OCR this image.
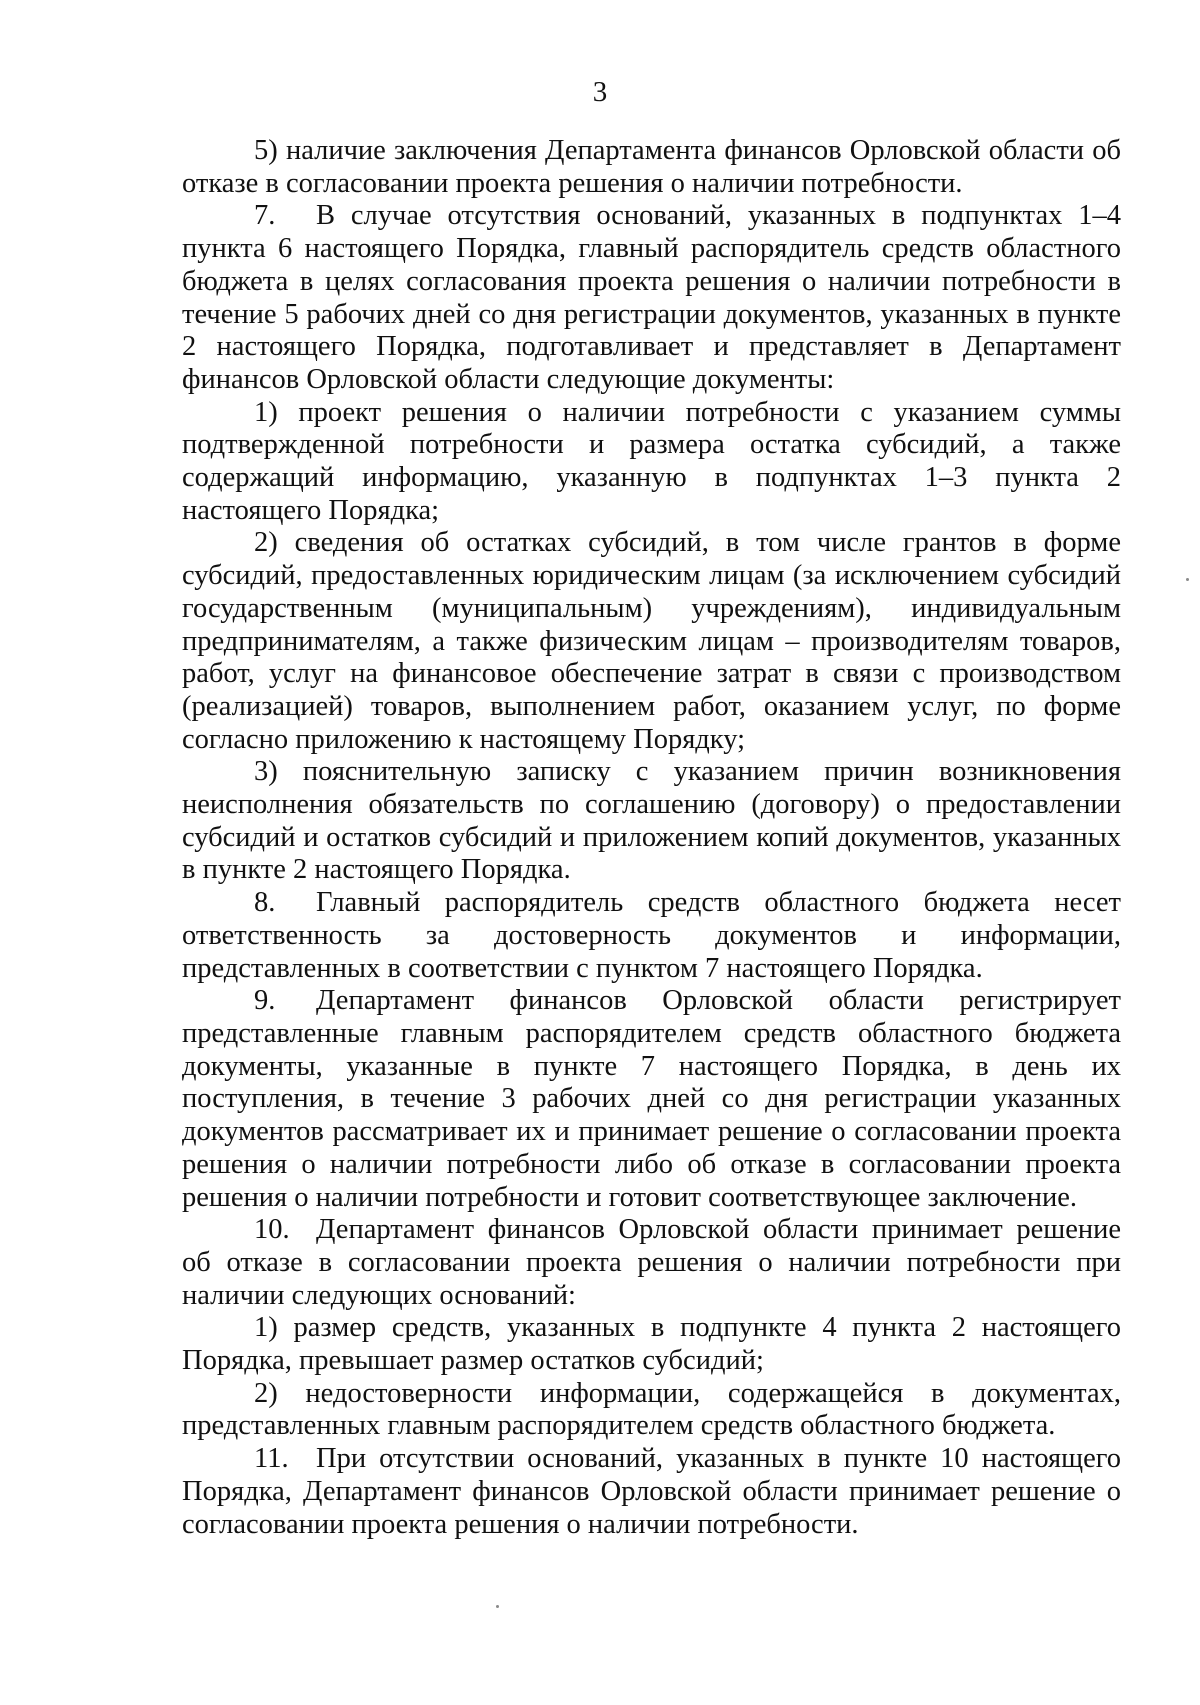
3

5) наличие заключения Департамента финансов Орловской области об отказе в согласовании проекта решения о наличии потребности.

7. В случае отсутствия оснований, указанных в подпунктах 1–4 пункта 6 настоящего Порядка, главный распорядитель средств областного бюджета в целях согласования проекта решения о наличии потребности в течение 5 рабочих дней со дня регистрации документов, указанных в пункте 2 настоящего Порядка, подготавливает и представляет в Департамент финансов Орловской области следующие документы:

1) проект решения о наличии потребности с указанием суммы подтвержденной потребности и размера остатка субсидий, а также содержащий информацию, указанную в подпунктах 1–3 пункта 2 настоящего Порядка;

2) сведения об остатках субсидий, в том числе грантов в форме субсидий, предоставленных юридическим лицам (за исключением субсидий государственным (муниципальным) учреждениям), индивидуальным предпринимателям, а также физическим лицам – производителям товаров, работ, услуг на финансовое обеспечение затрат в связи с производством (реализацией) товаров, выполнением работ, оказанием услуг, по форме согласно приложению к настоящему Порядку;

3) пояснительную записку с указанием причин возникновения неисполнения обязательств по соглашению (договору) о предоставлении субсидий и остатков субсидий и приложением копий документов, указанных в пункте 2 настоящего Порядка.

8. Главный распорядитель средств областного бюджета несет ответственность за достоверность документов и информации, представленных в соответствии с пунктом 7 настоящего Порядка.

9. Департамент финансов Орловской области регистрирует представленные главным распорядителем средств областного бюджета документы, указанные в пункте 7 настоящего Порядка, в день их поступления, в течение 3 рабочих дней со дня регистрации указанных документов рассматривает их и принимает решение о согласовании проекта решения о наличии потребности либо об отказе в согласовании проекта решения о наличии потребности и готовит соответствующее заключение.

10. Департамент финансов Орловской области принимает решение об отказе в согласовании проекта решения о наличии потребности при наличии следующих оснований:

1) размер средств, указанных в подпункте 4 пункта 2 настоящего Порядка, превышает размер остатков субсидий;

2) недостоверности информации, содержащейся в документах, представленных главным распорядителем средств областного бюджета.

11. При отсутствии оснований, указанных в пункте 10 настоящего Порядка, Департамент финансов Орловской области принимает решение о согласовании проекта решения о наличии потребности.
